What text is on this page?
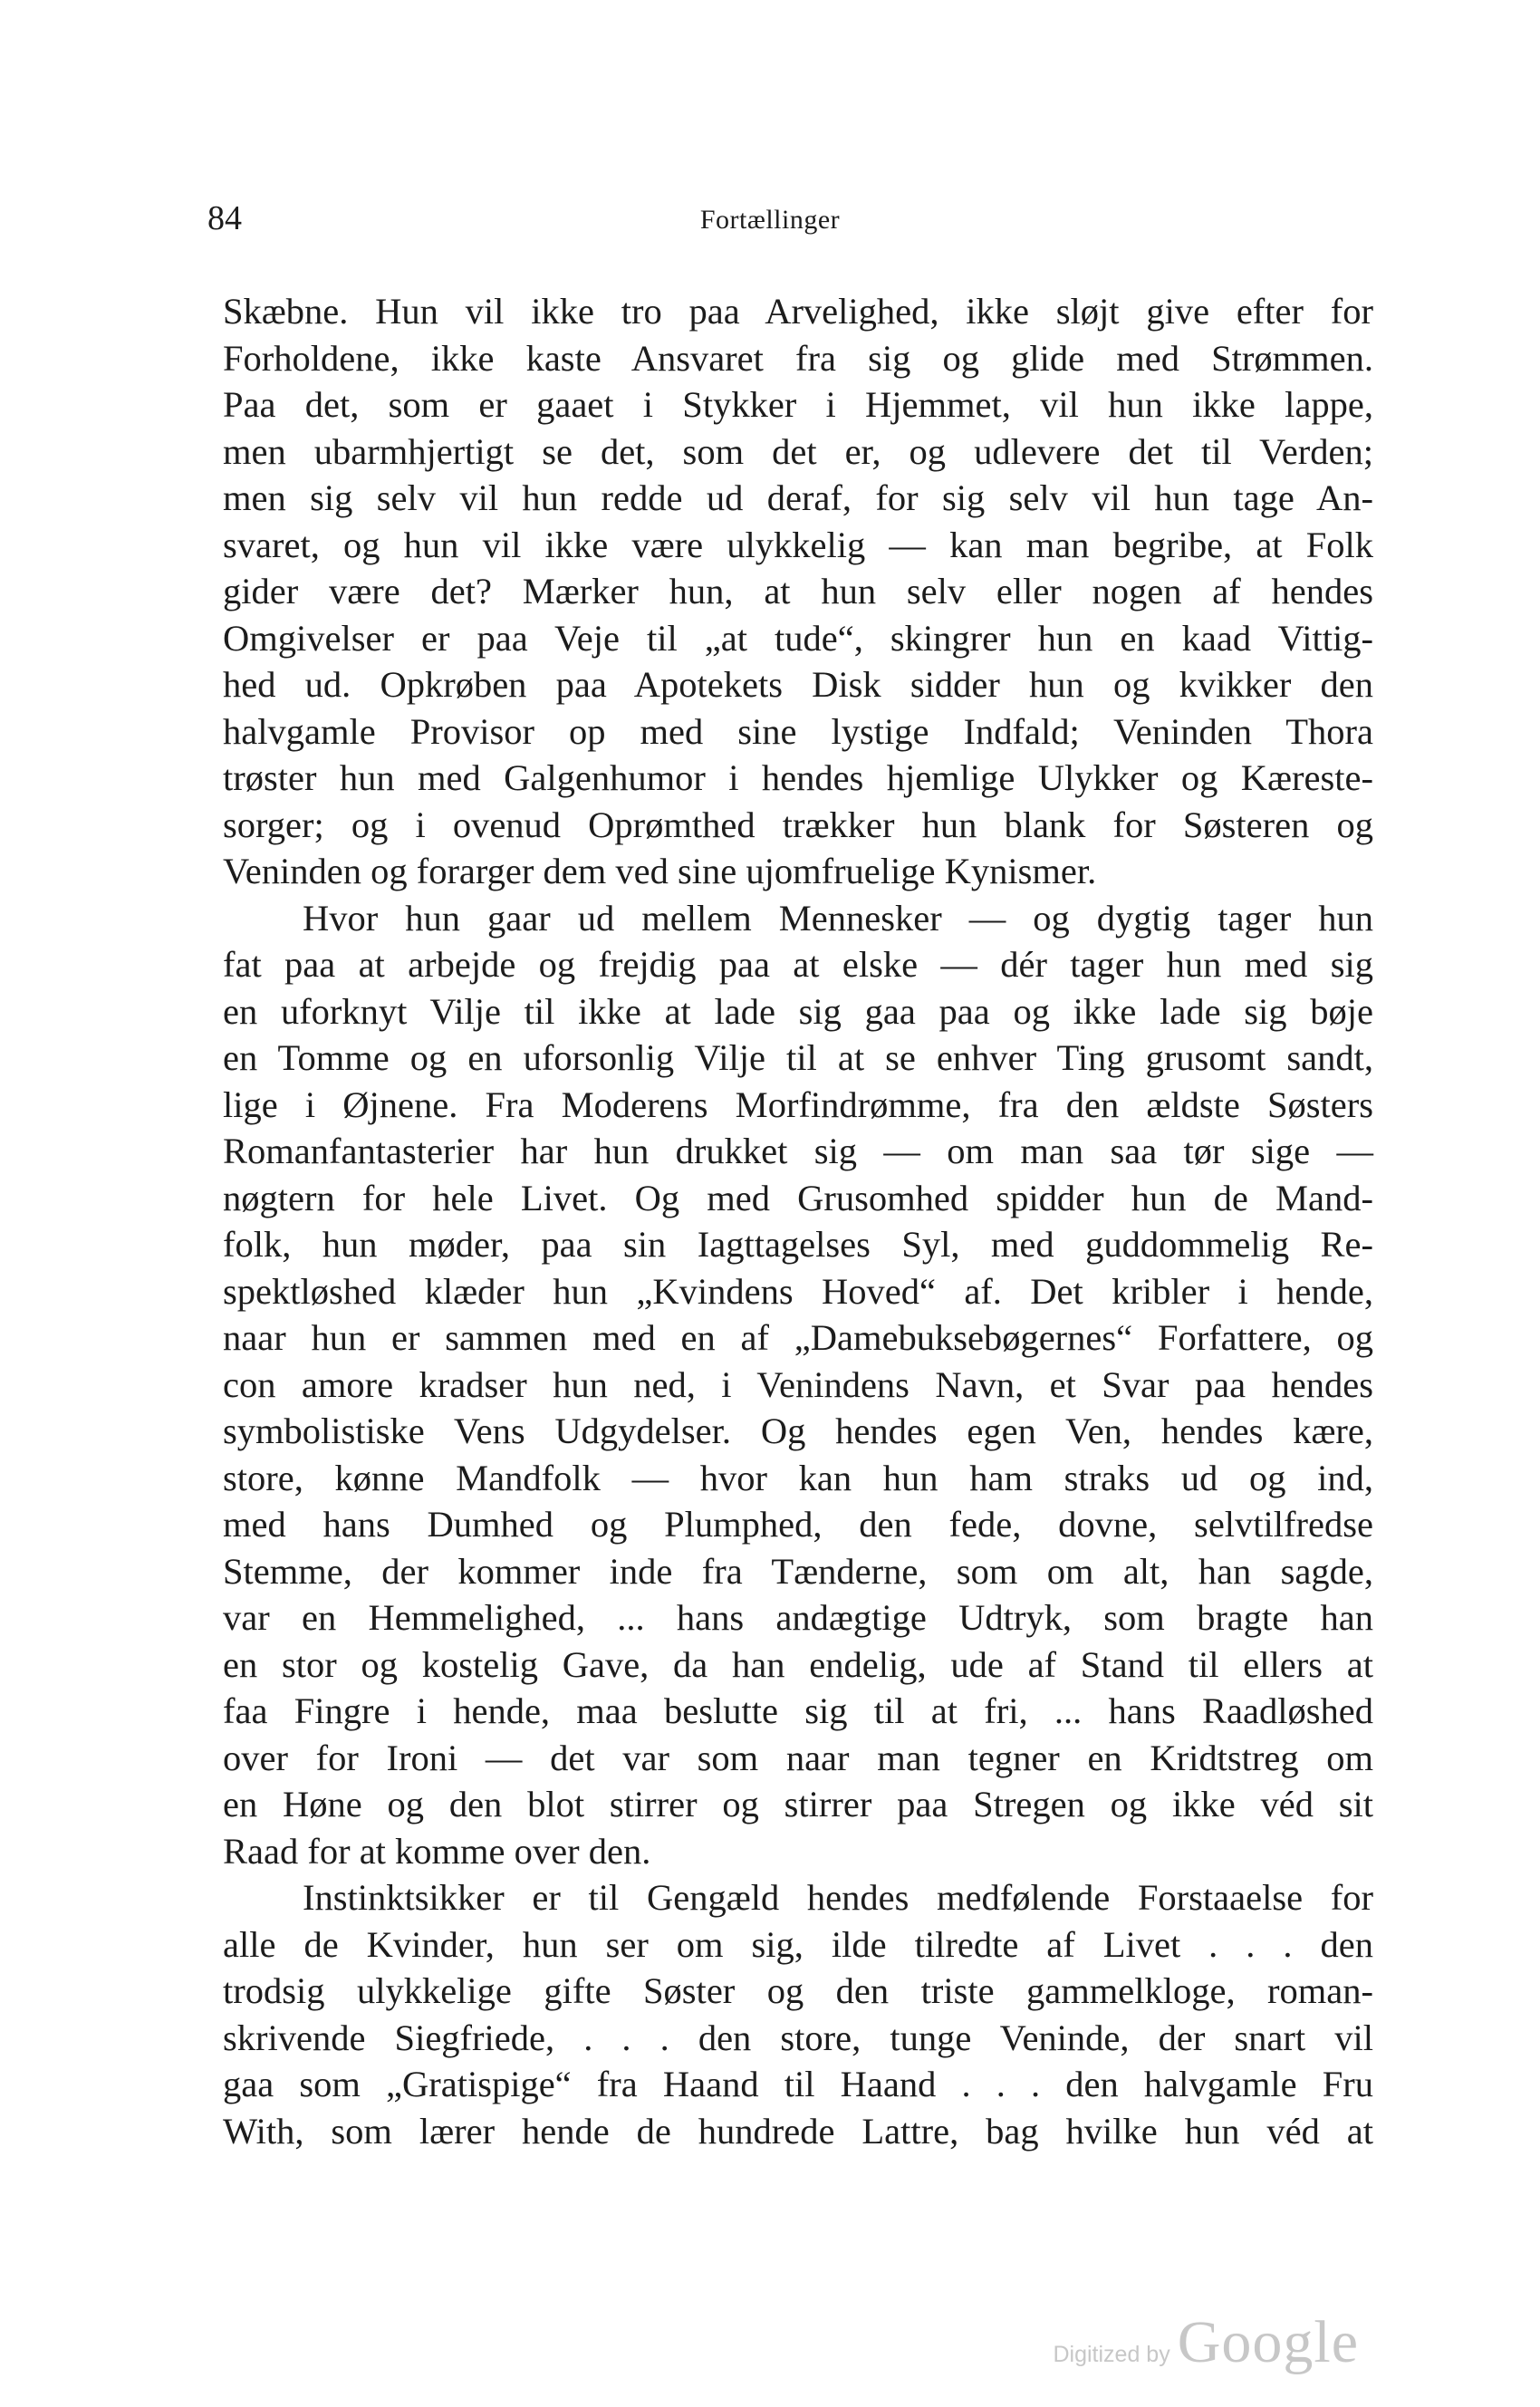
84	Fortællinger
Skæbne. Hun vil ikke tro paa Arvelighed, ikke sløjt give efter for
Forholdene, ikke kaste Ansvaret fra sig og glide med Strømmen.
Paa det, som er gaaet i Stykker i Hjemmet, vil hun ikke lappe,
men ubarmhjertigt se det, som det er, og udlevere det til Verden;
men sig selv vil hun redde ud deraf, for sig selv vil hun tage An-
svaret, og hun vil ikke være ulykkelig — kan man begribe, at Folk
gider være det? Mærker hun, at hun selv eller nogen af hendes
Omgivelser er paa Veje til „at tude“, skingrer hun en kaad Vittig-
hed ud. Opkrøben paa Apotekets Disk sidder hun og kvikker den
halvgamle Provisor op med sine lystige Indfald; Veninden Thora
trøster hun med Galgenhumor i hendes hjemlige Ulykker og Kæreste-
sorger; og i ovenud Oprømthed trækker hun blank for Søsteren og
Veninden og forarger dem ved sine ujomfruelige Kynismer.
Hvor hun gaar ud mellem Mennesker — og dygtig tager hun
fat paa at arbejde og frejdig paa at elske — dér tager hun med sig
en uforknyt Vilje til ikke at lade sig gaa paa og ikke lade sig bøje
en Tomme og en uforsonlig Vilje til at se enhver Ting grusomt sandt,
lige i Øjnene. Fra Moderens Morfindrømme, fra den ældste Søsters
Romanfantasterier har hun drukket sig — om man saa tør sige —
nøgtern for hele Livet. Og med Grusomhed spidder hun de Mand-
folk, hun møder, paa sin Iagttagelses Syl, med guddommelig Re-
spektløshed klæder hun „Kvindens Hoved“ af. Det kribler i hende,
naar hun er sammen med en af „Damebuksebøgernes“ Forfattere, og
con amore kradser hun ned, i Venindens Navn, et Svar paa hendes
symbolistiske Vens Udgydelser. Og hendes egen Ven, hendes kære,
store, kønne Mandfolk — hvor kan hun ham straks ud og ind,
med hans Dumhed og Plumphed, den fede, dovne, selvtilfredse
Stemme, der kommer inde fra Tænderne, som om alt, han sagde,
var en Hemmelighed, ... hans andægtige Udtryk, som bragte han
en stor og kostelig Gave, da han endelig, ude af Stand til ellers at
faa Fingre i hende, maa beslutte sig til at fri, ... hans Raadløshed
over for Ironi — det var som naar man tegner en Kridtstreg om
en Høne og den blot stirrer og stirrer paa Stregen og ikke véd sit
Raad for at komme over den.
Instinktsikker er til Gengæld hendes medfølende Forstaaelse for
alle de Kvinder, hun ser om sig, ilde tilredte af Livet . . . den
trodsig ulykkelige gifte Søster og den triste gammelkloge, roman-
skrivende Siegfriede, . . . den store, tunge Veninde, der snart vil
gaa som „Gratispige“ fra Haand til Haand . . . den halvgamle Fru
With, som lærer hende de hundrede Lattre, bag hvilke hun véd at
Digitized by Google
